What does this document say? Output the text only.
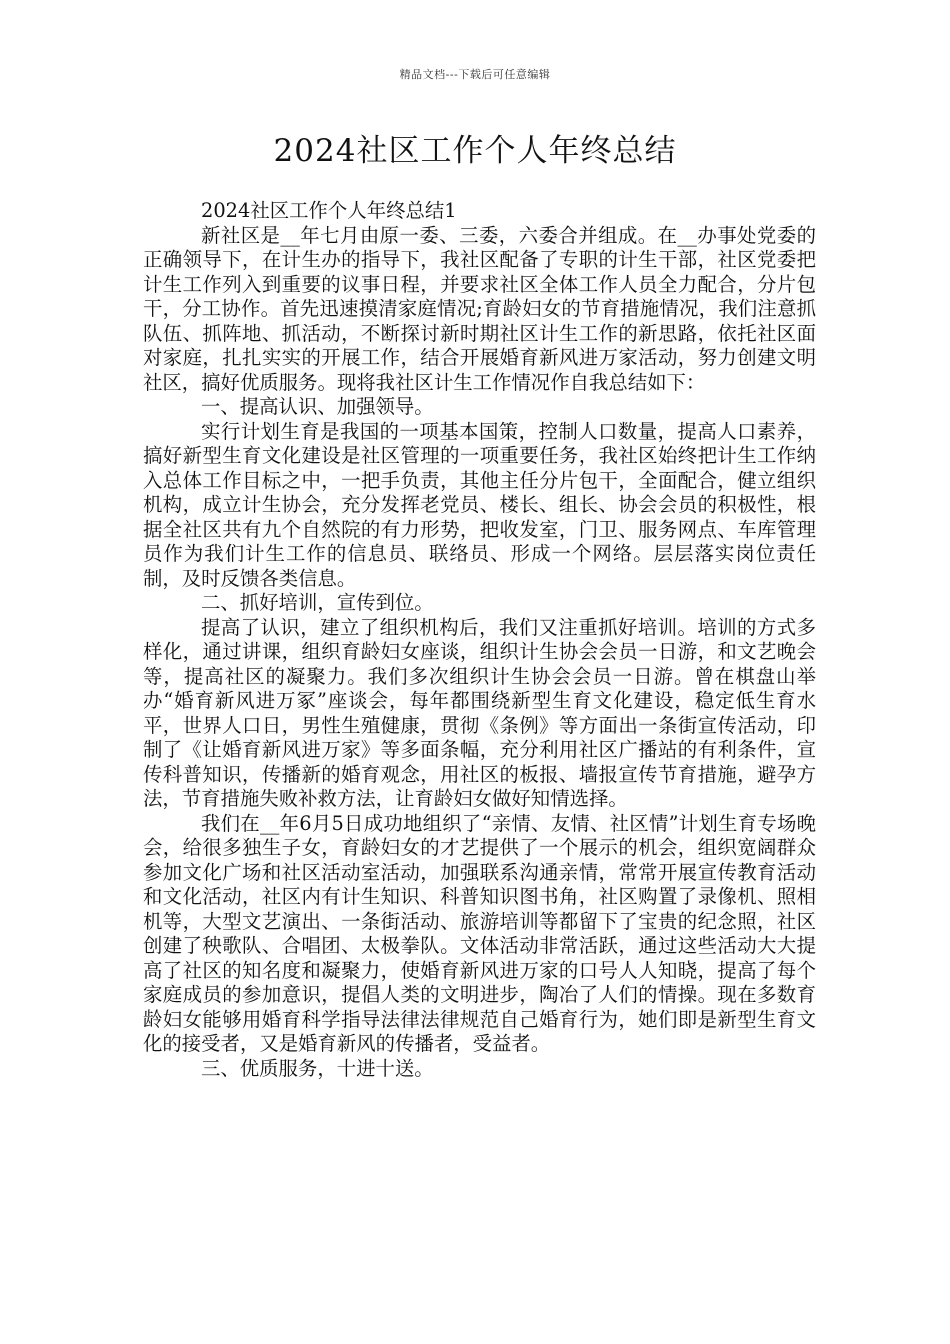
精品文档---下载后可任意编辑
2024社区工作个人年终总结

2024社区工作个人年终总结1

新社区是__年七月由原一委、三委，六委合并组成。在__办事处党委的正确领导下，在计生办的指导下，我社区配备了专职的计生干部，社区党委把计生工作列入到重要的议事日程，并要求社区全体工作人员全力配合，分片包干，分工协作。首先迅速摸清家庭情况;育龄妇女的节育措施情况，我们注意抓队伍、抓阵地、抓活动，不断探讨新时期社区计生工作的新思路，依托社区面对家庭，扎扎实实的开展工作，结合开展婚育新风进万家活动，努力创建文明社区，搞好优质服务。现将我社区计生工作情况作自我总结如下：

一、提高认识、加强领导。

实行计划生育是我国的一项基本国策，控制人口数量，提高人口素养，搞好新型生育文化建设是社区管理的一项重要任务，我社区始终把计生工作纳入总体工作目标之中，一把手负责，其他主任分片包干，全面配合，健立组织机构，成立计生协会，充分发挥老党员、楼长、组长、协会会员的积极性，根据全社区共有九个自然院的有力形势，把收发室，门卫、服务网点、车库管理员作为我们计生工作的信息员、联络员、形成一个网络。层层落实岗位责任制，及时反馈各类信息。

二、抓好培训，宣传到位。

提高了认识，建立了组织机构后，我们又注重抓好培训。培训的方式多样化，通过讲课，组织育龄妇女座谈，组织计生协会会员一日游，和文艺晚会等，提高社区的凝聚力。我们多次组织计生协会会员一日游。曾在棋盘山举办“婚育新风进万冢”座谈会，每年都围绕新型生育文化建设，稳定低生育水平，世界人口日，男性生殖健康，贯彻《条例》等方面出一条街宣传活动，印制了《让婚育新风进万家》等多面条幅，充分利用社区广播站的有利条件，宣传科普知识，传播新的婚育观念，用社区的板报、墙报宣传节育措施，避孕方法，节育措施失败补救方法，让育龄妇女做好知情选择。

我们在__年6月5日成功地组织了“亲情、友情、社区情”计划生育专场晚会，给很多独生子女，育龄妇女的才艺提供了一个展示的机会，组织宽阔群众参加文化广场和社区活动室活动，加强联系沟通亲情，常常开展宣传教育活动和文化活动，社区内有计生知识、科普知识图书角，社区购置了录像机、照相机等，大型文艺演出、一条街活动、旅游培训等都留下了宝贵的纪念照，社区创建了秧歌队、合唱团、太极拳队。文体活动非常活跃，通过这些活动大大提高了社区的知名度和凝聚力，使婚育新风进万家的口号人人知晓，提高了每个家庭成员的参加意识，提倡人类的文明进步，陶冶了人们的情操。现在多数育龄妇女能够用婚育科学指导法律法律规范自己婚育行为，她们即是新型生育文化的接受者，又是婚育新风的传播者，受益者。

三、优质服务，十进十送。
